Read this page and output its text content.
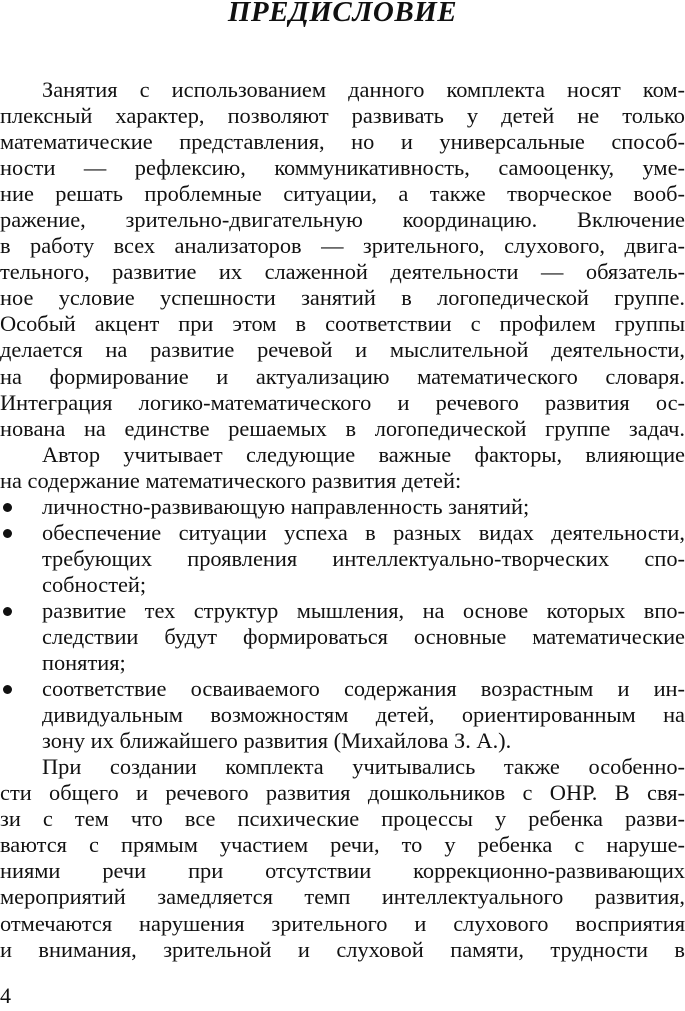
ПРЕДИСЛОВИЕ
Занятия с использованием данного комплекта носят ком-
плексный характер, позволяют развивать у детей не только
математические представления, но и универсальные способ-
ности — рефлексию, коммуникативность, самооценку, уме-
ние решать проблемные ситуации, а также творческое вооб-
ражение, зрительно-двигательную координацию. Включение
в работу всех анализаторов — зрительного, слухового, двига-
тельного, развитие их слаженной деятельности — обязатель-
ное условие успешности занятий в логопедической группе.
Особый акцент при этом в соответствии с профилем группы
делается на развитие речевой и мыслительной деятельности,
на формирование и актуализацию математического словаря.
Интеграция логико-математического и речевого развития ос-
нована на единстве решаемых в логопедической группе задач.
Автор учитывает следующие важные факторы, влияющие
на содержание математического развития детей:
личностно-развивающую направленность занятий;
обеспечение ситуации успеха в разных видах деятельности,
требующих проявления интеллектуально-творческих спо-
собностей;
развитие тех структур мышления, на основе которых впо-
следствии будут формироваться основные математические
понятия;
соответствие осваиваемого содержания возрастным и ин-
дивидуальным возможностям детей, ориентированным на
зону их ближайшего развития (Михайлова З. А.).
При создании комплекта учитывались также особенно-
сти общего и речевого развития дошкольников с ОНР. В свя-
зи с тем что все психические процессы у ребенка разви-
ваются с прямым участием речи, то у ребенка с наруше-
ниями речи при отсутствии коррекционно-развивающих
мероприятий замедляется темп интеллектуального развития,
отмечаются нарушения зрительного и слухового восприятия
и внимания, зрительной и слуховой памяти, трудности в
4
